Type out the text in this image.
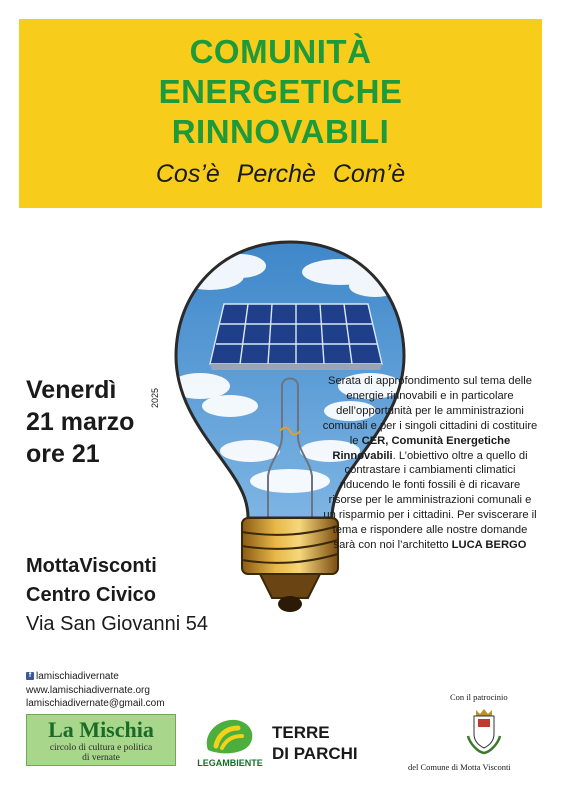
COMUNITÀ
ENERGETICHE
RINNOVABILI
Cos’è Perchè Com’è
Venerdì
21 marzo
ore 21
2025
Serata di approfondimento sul tema delle energie rinnovabili e in particolare dell’opportunità per le amministrazioni comunali e per i singoli cittadini di costituire le CER, Comunità Energetiche Rinnovabili. L’obiettivo oltre a quello di contrastare i cambiamenti climatici riducendo le fonti fossili è di ricavare risorse per le amministrazioni comunali e un risparmio per i cittadini. Per sviscerare il tema e rispondere alle nostre domande sarà con noi l’architetto LUCA BERGO
MottaVisconti
Centro Civico
Via San Giovanni 54
f lamischiadivernate
www.lamischiadivernate.org
lamischiadivernate@gmail.com
La Mischia
circolo di cultura e politica
di vernate	LEGAMBIENTE
TERRE
DI PARCHI
Con il patrocinio
del Comune di Motta Visconti
